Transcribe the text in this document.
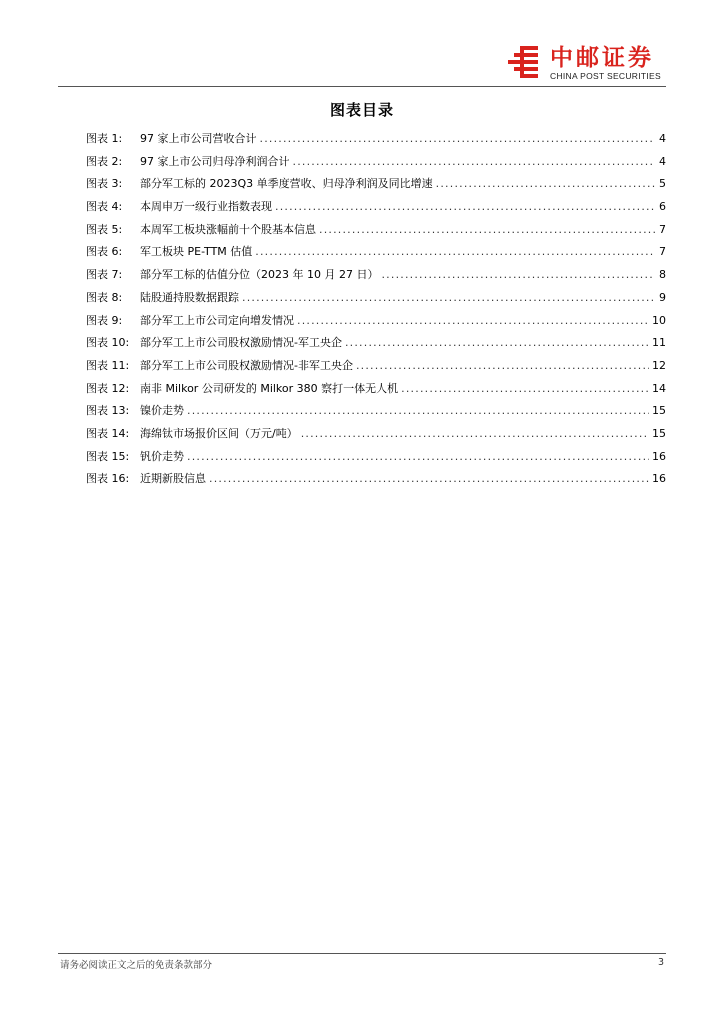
中邮证券
CHINA POST SECURITIES
图表目录
图表 1:	97 家上市公司营收合计 .....	4
图表 2:	97 家上市公司归母净利润合计 .....	4
图表 3:	部分军工标的 2023Q3 单季度营收、归母净利润及同比增速 .....	5
图表 4:	本周申万一级行业指数表现 .....	6
图表 5:	本周军工板块涨幅前十个股基本信息 .....	7
图表 6:	军工板块 PE-TTM 估值 .....	7
图表 7:	部分军工标的估值分位（2023 年 10 月 27 日） .....	8
图表 8:	陆股通持股数据跟踪 .....	9
图表 9:	部分军工上市公司定向增发情况 .....	10
图表 10: 部分军工上市公司股权激励情况-军工央企 .....	11
图表 11: 部分军工上市公司股权激励情况-非军工央企 .....	12
图表 12: 南非 Milkor 公司研发的 Milkor 380 察打一体无人机 .....	14
图表 13: 镍价走势 .....	15
图表 14: 海绵钛市场报价区间（万元/吨） .....	15
图表 15: 钒价走势 .....	16
图表 16: 近期新股信息 .....	16
请务必阅读正文之后的免责条款部分	3
